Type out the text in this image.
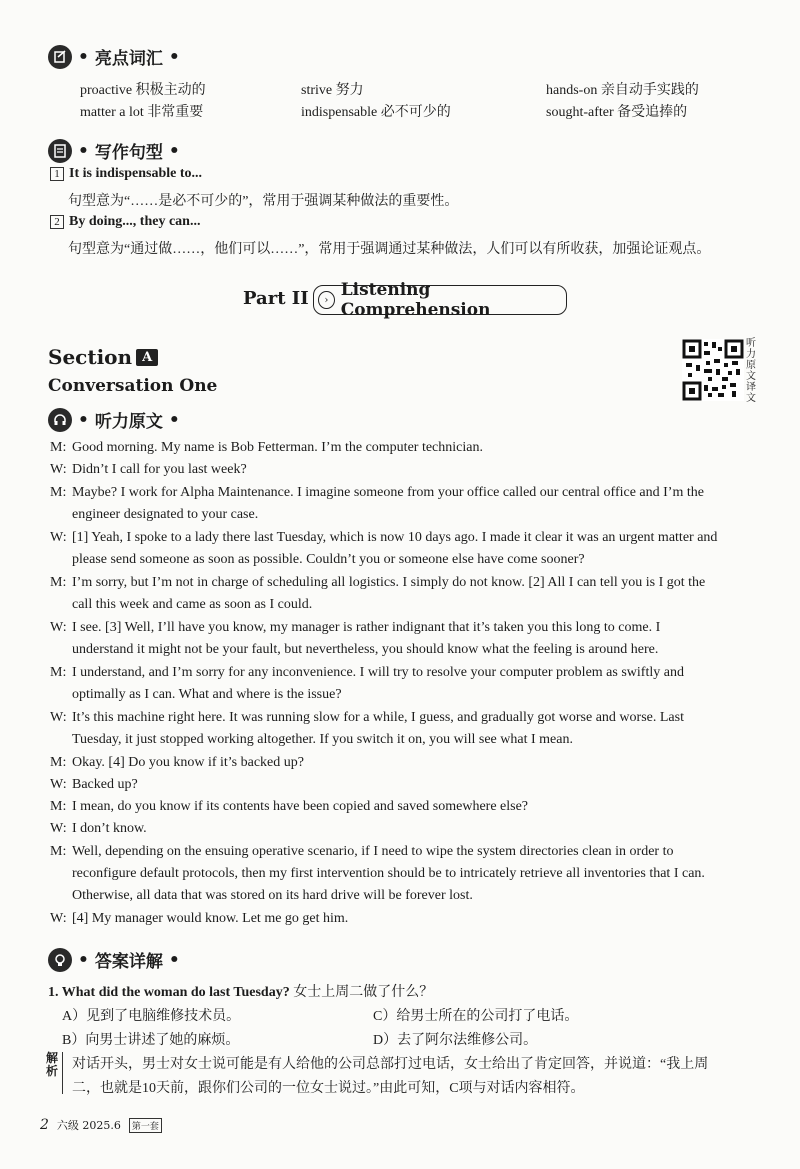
• 亮点词汇 •
proactive 积极主动的	strive 努力	hands-on 亲自动手实践的
matter a lot 非常重要	indispensable 必不可少的	sought-after 备受追捧的
• 写作句型 •
1 It is indispensable to...
句型意为“……是必不可少的”，常用于强调某种做法的重要性。
2 By doing..., they can...
句型意为“通过做……，他们可以……”，常用于强调通过某种做法，人们可以有所收获，加强论证观点。
Part II	› Listening Comprehension
Section A
Conversation One
听力原文译文
• 听力原文 •
M: Good morning. My name is Bob Fetterman. I’m the computer technician.
W: Didn’t I call for you last week?
M: Maybe? I work for Alpha Maintenance. I imagine someone from your office called our central office and I’m the
engineer designated to your case.
W: [1] Yeah, I spoke to a lady there last Tuesday, which is now 10 days ago. I made it clear it was an urgent matter and
please send someone as soon as possible. Couldn’t you or someone else have come sooner?
M: I’m sorry, but I’m not in charge of scheduling all logistics. I simply do not know. [2] All I can tell you is I got the
call this week and came as soon as I could.
W: I see. [3] Well, I’ll have you know, my manager is rather indignant that it’s taken you this long to come. I
understand it might not be your fault, but nevertheless, you should know what the feeling is around here.
M: I understand, and I’m sorry for any inconvenience. I will try to resolve your computer problem as swiftly and
optimally as I can. What and where is the issue?
W: It’s this machine right here. It was running slow for a while, I guess, and gradually got worse and worse. Last
Tuesday, it just stopped working altogether. If you switch it on, you will see what I mean.
M: Okay. [4] Do you know if it’s backed up?
W: Backed up?
M: I mean, do you know if its contents have been copied and saved somewhere else?
W: I don’t know.
M: Well, depending on the ensuing operative scenario, if I need to wipe the system directories clean in order to
reconfigure default protocols, then my first intervention should be to intricately retrieve all inventories that I can.
Otherwise, all data that was stored on its hard drive will be forever lost.
W: [4] My manager would know. Let me go get him.
• 答案详解 •
1. What did the woman do last Tuesday? 女士上周二做了什么？
A）见到了电脑维修技术员。	C）给男士所在的公司打了电话。
B）向男士讲述了她的麻烦。	D）去了阿尔法维修公司。
解析 对话开头，男士对女士说可能是有人给他的公司总部打过电话，女士给出了肯定回答，并说道：“我上周
二，也就是10天前，跟你们公司的一位女士说过。”由此可知，C项与对话内容相符。
2 六级 2025.6	第一套
